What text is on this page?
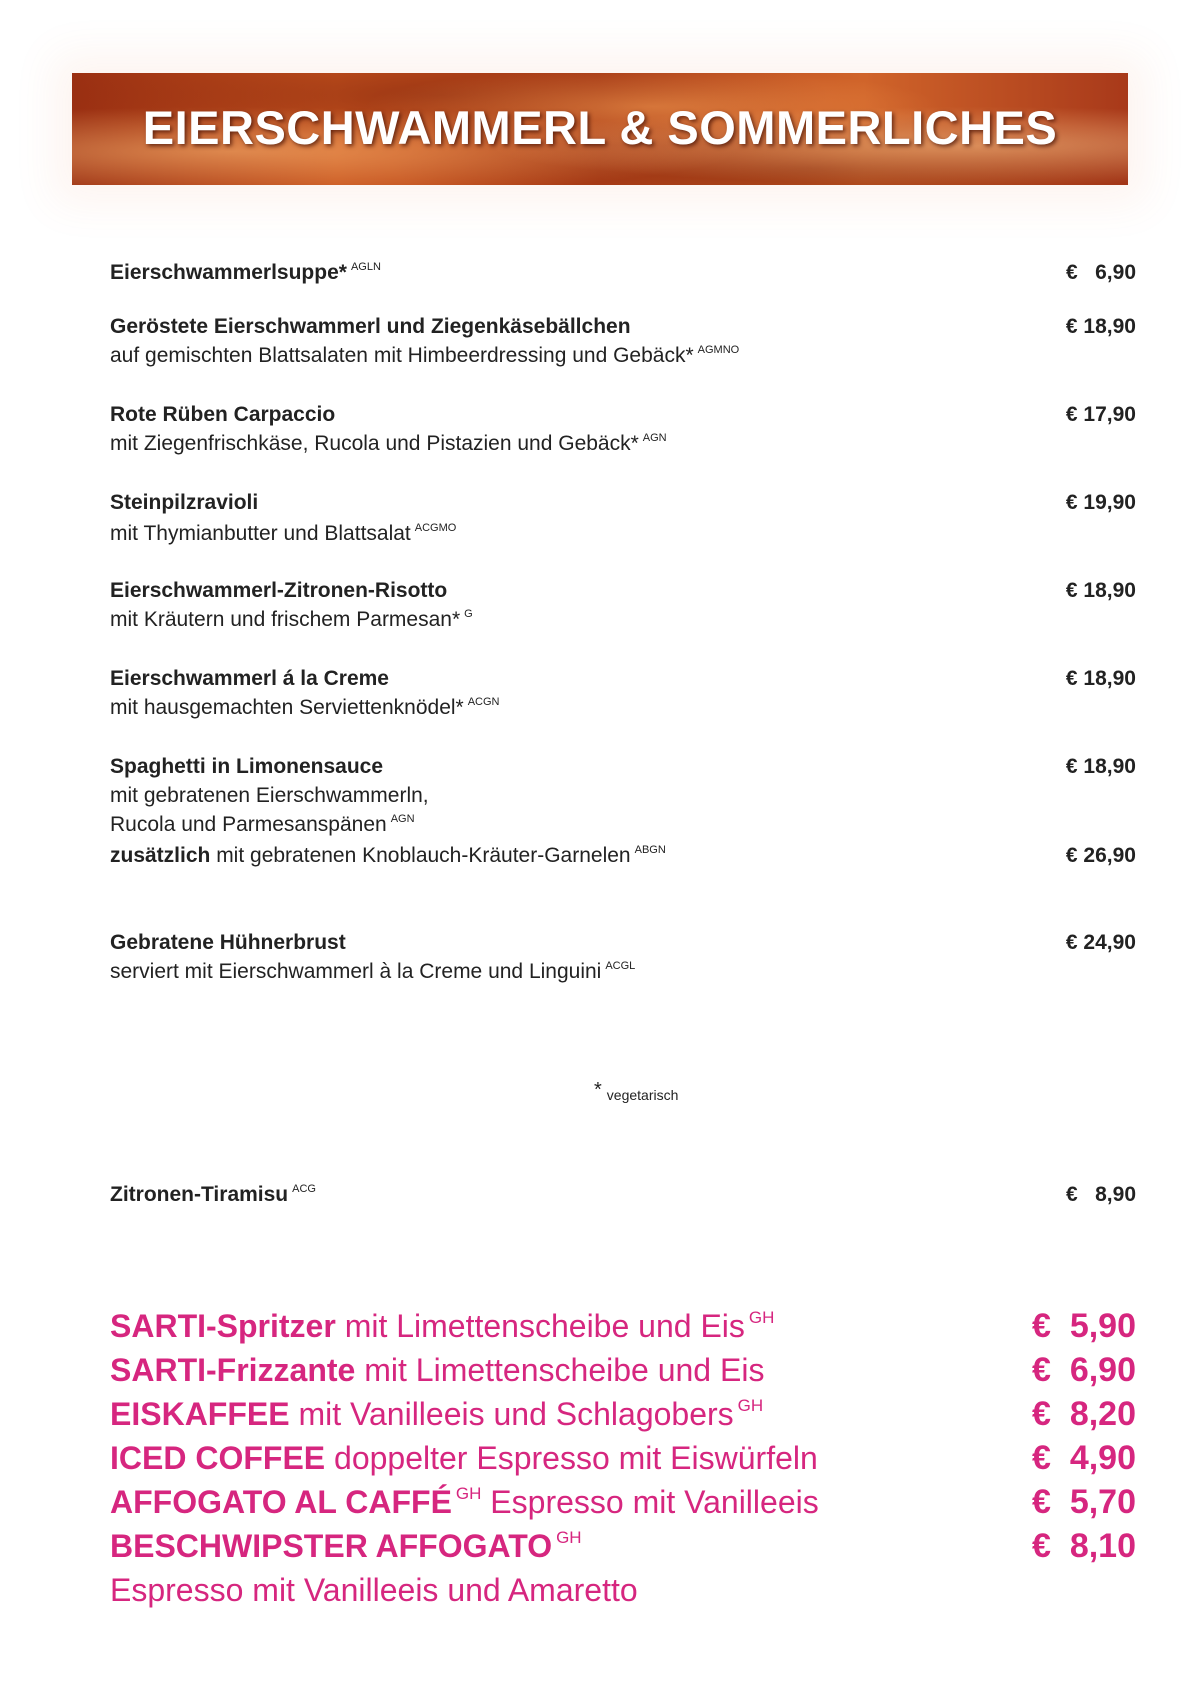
EIERSCHWAMMERL & SOMMERLICHES
Eierschwammerlsuppe* $^{AGLN}$	€   6,90
Geröstete Eierschwammerl und Ziegenkäsebällchen	€ 18,90
auf gemischten Blattsalaten mit Himbeerdressing und Gebäck* $^{AGMNO}$
Rote Rüben Carpaccio	€ 17,90
mit Ziegenfrischkäse, Rucola und Pistazien und Gebäck* $^{AGN}$
Steinpilzravioli	€ 19,90
mit Thymianbutter und Blattsalat $^{ACGMO}$
Eierschwammerl-Zitronen-Risotto	€ 18,90
mit Kräutern und frischem Parmesan* $^G$
Eierschwammerl á la Creme	€ 18,90
mit hausgemachten Serviettenknödel* $^{ACGN}$
Spaghetti in Limonensauce	€ 18,90
mit gebratenen Eierschwammerln,
Rucola und Parmesanspänen $^{AGN}$
zusätzlich mit gebratenen Knoblauch-Kräuter-Garnelen $^{ABGN}$	€ 26,90
Gebratene Hühnerbrust	€ 24,90
serviert mit Eierschwammerl à la Creme und Linguini $^{ACGL}$
Zitronen-Tiramisu $^{ACG}$	€   8,90
* vegetarisch
SARTI-Spritzer mit Limettenscheibe und Eis $^{GH}$	€  5,90
SARTI-Frizzante mit Limettenscheibe und Eis	€  6,90
EISKAFFEE mit Vanilleeis und Schlagobers $^{GH}$	€  8,20
ICED COFFEE doppelter Espresso mit Eiswürfeln	€  4,90
AFFOGATO AL CAFFÉ $^{GH}$ Espresso mit Vanilleeis	€  5,70
BESCHWIPSTER AFFOGATO $^{GH}$	€  8,10
Espresso mit Vanilleeis und Amaretto
